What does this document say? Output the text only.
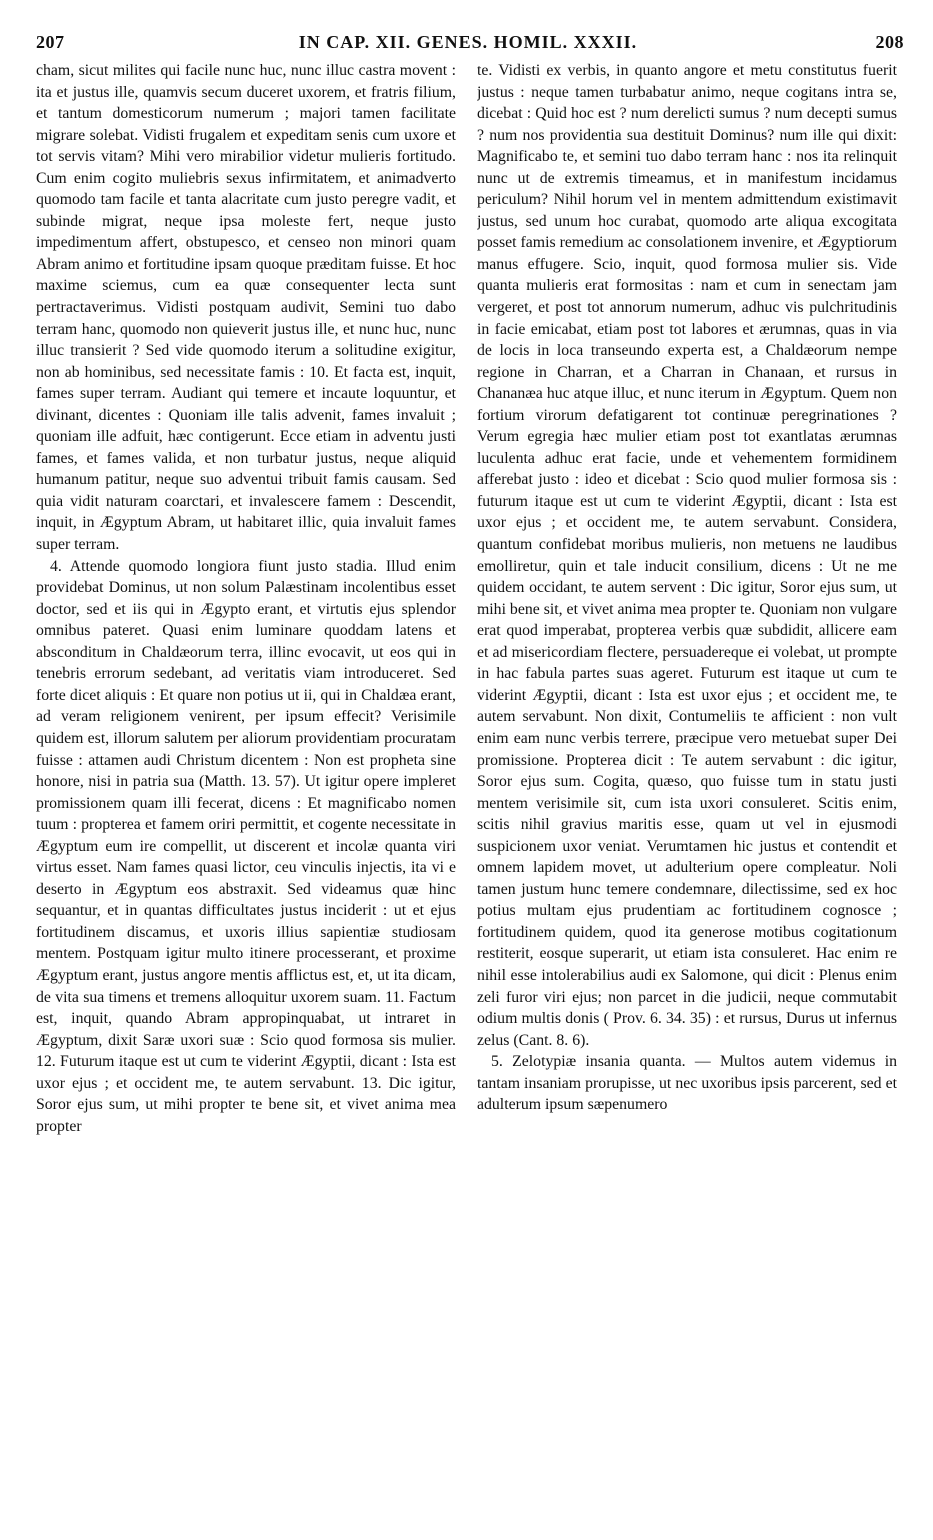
207	IN CAP. XII. GENES. HOMIL. XXXII.	208

cham, sicut milites qui facile nunc huc, nunc illuc castra movent : ita et justus ille, quamvis secum duceret uxorem, et fratris filium, et tantum domesticorum numerum ; majori tamen facilitate migrare solebat. Vidisti frugalem et expeditam senis cum uxore et tot servis vitam? Mihi vero mirabilior videtur mulieris fortitudo. Cum enim cogito muliebris sexus infirmitatem, et animadverto quomodo tam facile et tanta alacritate cum justo peregre vadit, et subinde migrat, neque ipsa moleste fert, neque justo impedimentum affert, obstupesco, et censeo non minori quam Abram animo et fortitudine ipsam quoque præditam fuisse. Et hoc maxime sciemus, cum ea quæ consequenter lecta sunt pertractaverimus. Vidisti postquam audivit, Semini tuo dabo terram hanc, quomodo non quieverit justus ille, et nunc huc, nunc illuc transierit ? Sed vide quomodo iterum a solitudine exigitur, non ab hominibus, sed necessitate famis : 10. Et facta est, inquit, fames super terram. Audiant qui temere et incaute loquuntur, et divinant, dicentes : Quoniam ille talis advenit, fames invaluit ; quoniam ille adfuit, hæc contigerunt. Ecce etiam in adventu justi fames, et fames valida, et non turbatur justus, neque aliquid humanum patitur, neque suo adventui tribuit famis causam. Sed quia vidit naturam coarctari, et invalescere famem : Descendit, inquit, in Ægyptum Abram, ut habitaret illic, quia invaluit fames super terram.

4. Attende quomodo longiora fiunt justo stadia. Illud enim providebat Dominus, ut non solum Palæstinam incolentibus esset doctor, sed et iis qui in Ægypto erant, et virtutis ejus splendor omnibus pateret. Quasi enim luminare quoddam latens et absconditum in Chaldæorum terra, illinc evocavit, ut eos qui in tenebris errorum sedebant, ad veritatis viam introduceret. Sed forte dicet aliquis : Et quare non potius ut ii, qui in Chaldæa erant, ad veram religionem venirent, per ipsum effecit? Verisimile quidem est, illorum salutem per aliorum providentiam procuratam fuisse : attamen audi Christum dicentem : Non est propheta sine honore, nisi in patria sua (Matth. 13. 57). Ut igitur opere impleret promissionem quam illi fecerat, dicens : Et magnificabo nomen tuum : propterea et famem oriri permittit, et cogente necessitate in Ægyptum eum ire compellit, ut discerent et incolæ quanta viri virtus esset. Nam fames quasi lictor, ceu vinculis injectis, ita vi e deserto in Ægyptum eos abstraxit. Sed videamus quæ hinc sequantur, et in quantas difficultates justus inciderit : ut et ejus fortitudinem discamus, et uxoris illius sapientiæ studiosam mentem. Postquam igitur multo itinere processerant, et proxime Ægyptum erant, justus angore mentis afflictus est, et, ut ita dicam, de vita sua timens et tremens alloquitur uxorem suam. 11. Factum est, inquit, quando Abram appropinquabat, ut intraret in Ægyptum, dixit Saræ uxori suæ : Scio quod formosa sis mulier. 12. Futurum itaque est ut cum te viderint Ægyptii, dicant : Ista est uxor ejus ; et occident me, te autem servabunt. 13. Dic igitur, Soror ejus sum, ut mihi propter te bene sit, et vivet anima mea propter

te. Vidisti ex verbis, in quanto angore et metu constitutus fuerit justus : neque tamen turbabatur animo, neque cogitans intra se, dicebat : Quid hoc est ? num derelicti sumus ? num decepti sumus ? num nos providentia sua destituit Dominus? num ille qui dixit: Magnificabo te, et semini tuo dabo terram hanc : nos ita relinquit nunc ut de extremis timeamus, et in manifestum incidamus periculum? Nihil horum vel in mentem admittendum existimavit justus, sed unum hoc curabat, quomodo arte aliqua excogitata posset famis remedium ac consolationem invenire, et Ægyptiorum manus effugere. Scio, inquit, quod formosa mulier sis. Vide quanta mulieris erat formositas : nam et cum in senectam jam vergeret, et post tot annorum numerum, adhuc vis pulchritudinis in facie emicabat, etiam post tot labores et ærumnas, quas in via de locis in loca transeundo experta est, a Chaldæorum nempe regione in Charran, et a Charran in Chanaan, et rursus in Chananæa huc atque illuc, et nunc iterum in Ægyptum. Quem non fortium virorum defatigarent tot continuæ peregrinationes ? Verum egregia hæc mulier etiam post tot exantlatas ærumnas luculenta adhuc erat facie, unde et vehementem formidinem afferebat justo : ideo et dicebat : Scio quod mulier formosa sis : futurum itaque est ut cum te viderint Ægyptii, dicant : Ista est uxor ejus ; et occident me, te autem servabunt. Considera, quantum confidebat moribus mulieris, non metuens ne laudibus emolliretur, quin et tale inducit consilium, dicens : Ut ne me quidem occidant, te autem servent : Dic igitur, Soror ejus sum, ut mihi bene sit, et vivet anima mea propter te. Quoniam non vulgare erat quod imperabat, propterea verbis quæ subdidit, allicere eam et ad misericordiam flectere, persuadereque ei volebat, ut prompte in hac fabula partes suas ageret. Futurum est itaque ut cum te viderint Ægyptii, dicant : Ista est uxor ejus ; et occident me, te autem servabunt. Non dixit, Contumeliis te afficient : non vult enim eam nunc verbis terrere, præcipue vero metuebat super Dei promissione. Propterea dicit : Te autem servabunt : dic igitur, Soror ejus sum. Cogita, quæso, quo fuisse tum in statu justi mentem verisimile sit, cum ista uxori consuleret. Scitis enim, scitis nihil gravius maritis esse, quam ut vel in ejusmodi suspicionem uxor veniat. Verumtamen hic justus et contendit et omnem lapidem movet, ut adulterium opere compleatur. Noli tamen justum hunc temere condemnare, dilectissime, sed ex hoc potius multam ejus prudentiam ac fortitudinem cognosce ; fortitudinem quidem, quod ita generose motibus cogitationum restiterit, eosque superarit, ut etiam ista consuleret. Hac enim re nihil esse intolerabilius audi ex Salomone, qui dicit : Plenus enim zeli furor viri ejus; non parcet in die judicii, neque commutabit odium multis donis ( Prov. 6. 34. 35) : et rursus, Durus ut infernus zelus (Cant. 8. 6).

5. Zelotypiæ insania quanta. — Multos autem videmus in tantam insaniam prorupisse, ut nec uxoribus ipsis parcerent, sed et adulterum ipsum sæpenumero
